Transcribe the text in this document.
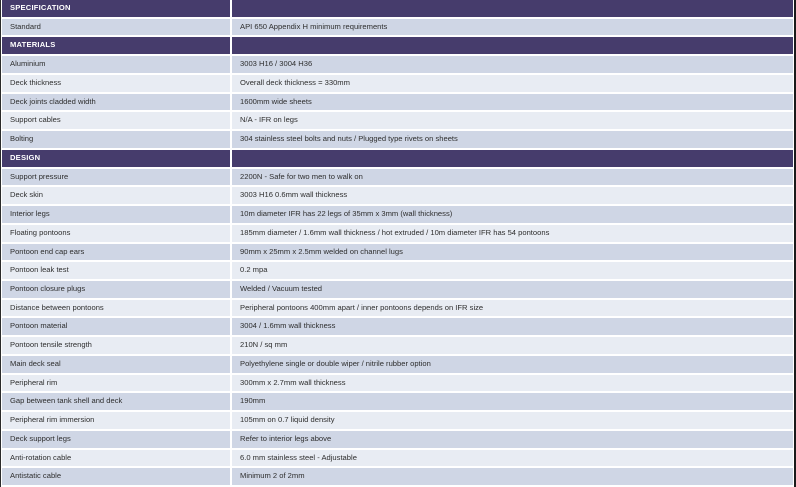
SPECIFICATION	
Standard	API 650 Appendix H minimum requirements
MATERIALS	
Aluminium	3003 H16 / 3004 H36
Deck thickness	Overall deck thickness = 330mm
Deck joints cladded width	1600mm wide sheets
Support cables	N/A - IFR on legs
Bolting	304 stainless steel bolts and nuts / Plugged type rivets on sheets
DESIGN	
Support pressure	2200N - Safe for two men to walk on
Deck skin	3003 H16 0.6mm wall thickness
Interior legs	10m diameter IFR has 22 legs of 35mm x 3mm (wall thickness)
Floating pontoons	185mm diameter / 1.6mm wall thickness / hot extruded / 10m diameter IFR has 54 pontoons
Pontoon end cap ears	90mm x 25mm x 2.5mm welded on channel lugs
Pontoon leak test	0.2 mpa
Pontoon closure plugs	Welded / Vacuum tested
Distance between pontoons	Peripheral pontoons 400mm apart / inner pontoons depends on IFR size
Pontoon material	3004 / 1.6mm wall thickness
Pontoon tensile strength	210N / sq mm
Main deck seal	Polyethylene single or double wiper / nitrile rubber option
Peripheral rim	300mm x 2.7mm wall thickness
Gap between tank shell and deck	190mm
Peripheral rim immersion	105mm on 0.7 liquid density
Deck support legs	Refer to interior legs above
Anti-rotation cable	6.0 mm stainless steel - Adjustable
Antistatic cable	Minimum 2 of 2mm
